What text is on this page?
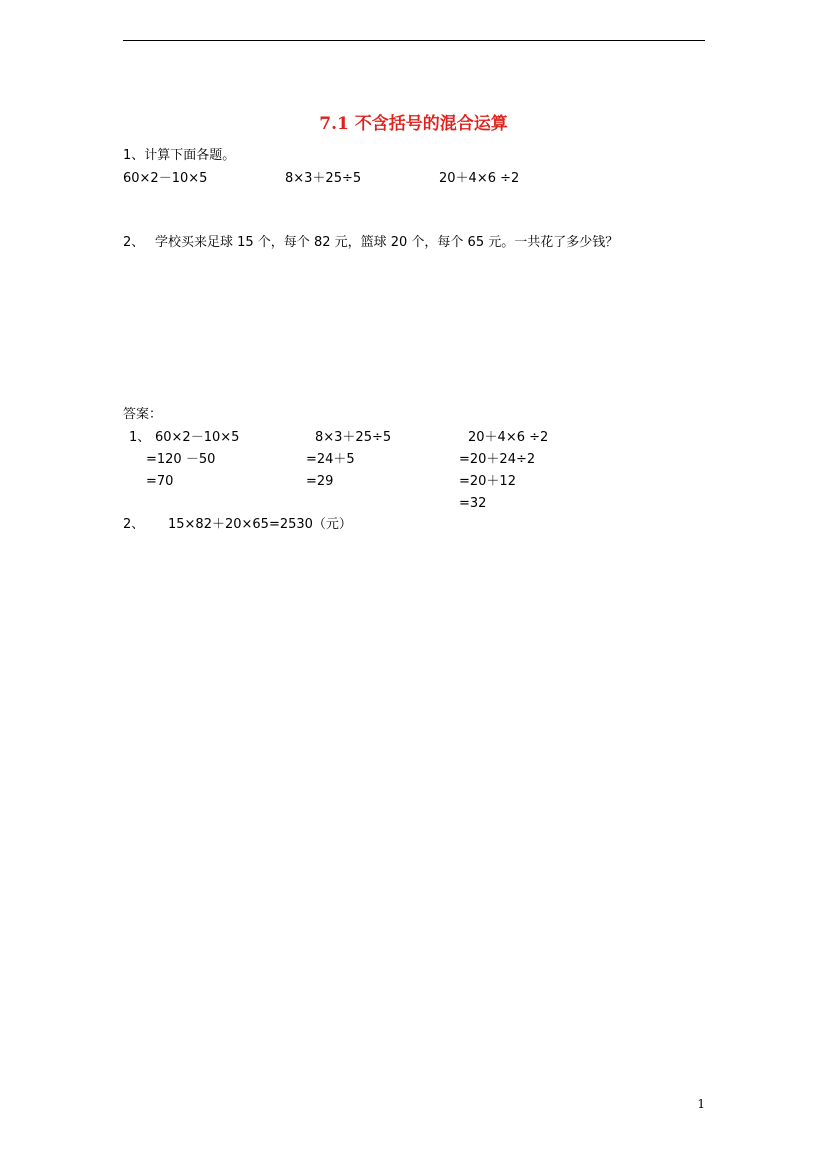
7.1 不含括号的混合运算
1、计算下面各题。
60×2－10×5	8×3＋25÷5	20＋4×6 ÷2
2、 学校买来足球 15 个，每个 82 元，篮球 20 个，每个 65 元。一共花了多少钱？
答案：
1、 60×2－10×5
=120 －50
=70
8×3＋25÷5
=24＋5
=29
20＋4×6 ÷2
=20＋24÷2
=20＋12
=32
2、 15×82＋20×65=2530（元）
1
